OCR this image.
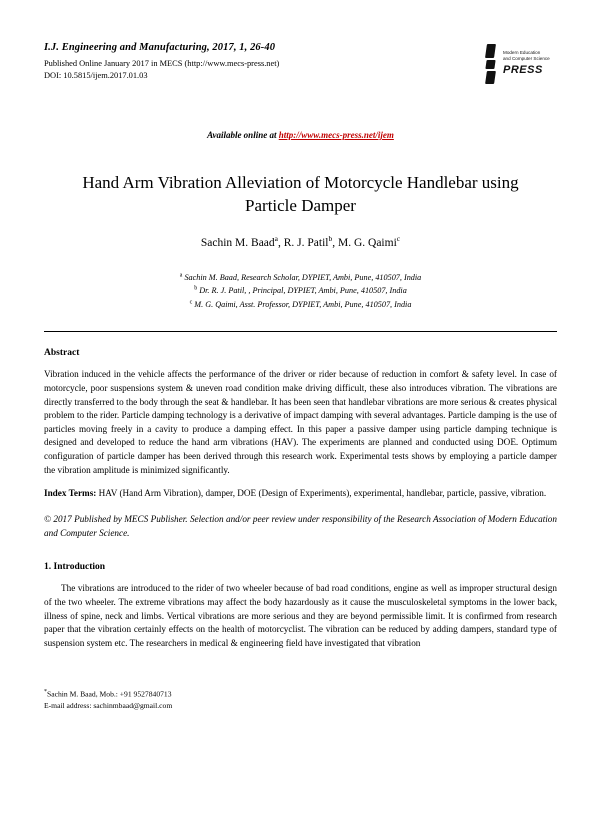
I.J. Engineering and Manufacturing, 2017, 1, 26-40
Published Online January 2017 in MECS (http://www.mecs-press.net)
DOI: 10.5815/ijem.2017.01.03
Modern Education
and Computer Science
PRESS
Available online at http://www.mecs-press.net/ijem
Hand Arm Vibration Alleviation of Motorcycle Handlebar using Particle Damper
Sachin M. Baad$^a$, R. J. Patil$^b$, M. G. Qaimi$^c$
$^a$ Sachin M. Baad, Research Scholar, DYPIET, Ambi, Pune, 410507, India
$^b$ Dr. R. J. Patil, , Principal, DYPIET, Ambi, Pune, 410507, India
$^c$ M. G. Qaimi, Asst. Professor, DYPIET, Ambi, Pune, 410507, India
Abstract

Vibration induced in the vehicle affects the performance of the driver or rider because of reduction in comfort & safety level. In case of motorcycle, poor suspensions system & uneven road condition make driving difficult, these also introduces vibration. The vibrations are directly transferred to the body through the seat & handlebar. It has been seen that handlebar vibrations are more serious & creates physical problem to the rider. Particle damping technology is a derivative of impact damping with several advantages. Particle damping is the use of particles moving freely in a cavity to produce a damping effect. In this paper a passive damper using particle damping technique is designed and developed to reduce the hand arm vibrations (HAV). The experiments are planned and conducted using DOE. Optimum configuration of particle damper has been derived through this research work. Experimental tests shows by employing a particle damper the vibration amplitude is minimized significantly.

Index Terms: HAV (Hand Arm Vibration), damper, DOE (Design of Experiments), experimental, handlebar, particle, passive, vibration.

© 2017 Published by MECS Publisher. Selection and/or peer review under responsibility of the Research Association of Modern Education and Computer Science.

1. Introduction

The vibrations are introduced to the rider of two wheeler because of bad road conditions, engine as well as improper structural design of the two wheeler. The extreme vibrations may affect the body hazardously as it cause the musculoskeletal symptoms in the lower back, illness of spine, neck and limbs. Vertical vibrations are more serious and they are beyond permissible limit. It is confirmed from research paper that the vibration certainly effects on the health of motorcyclist. The vibration can be reduced by adding dampers, standard type of suspension system etc. The researchers in medical & engineering field have investigated that vibration

*Sachin M. Baad, Mob.: +91 9527840713
E-mail address: sachinmbaad@gmail.com
